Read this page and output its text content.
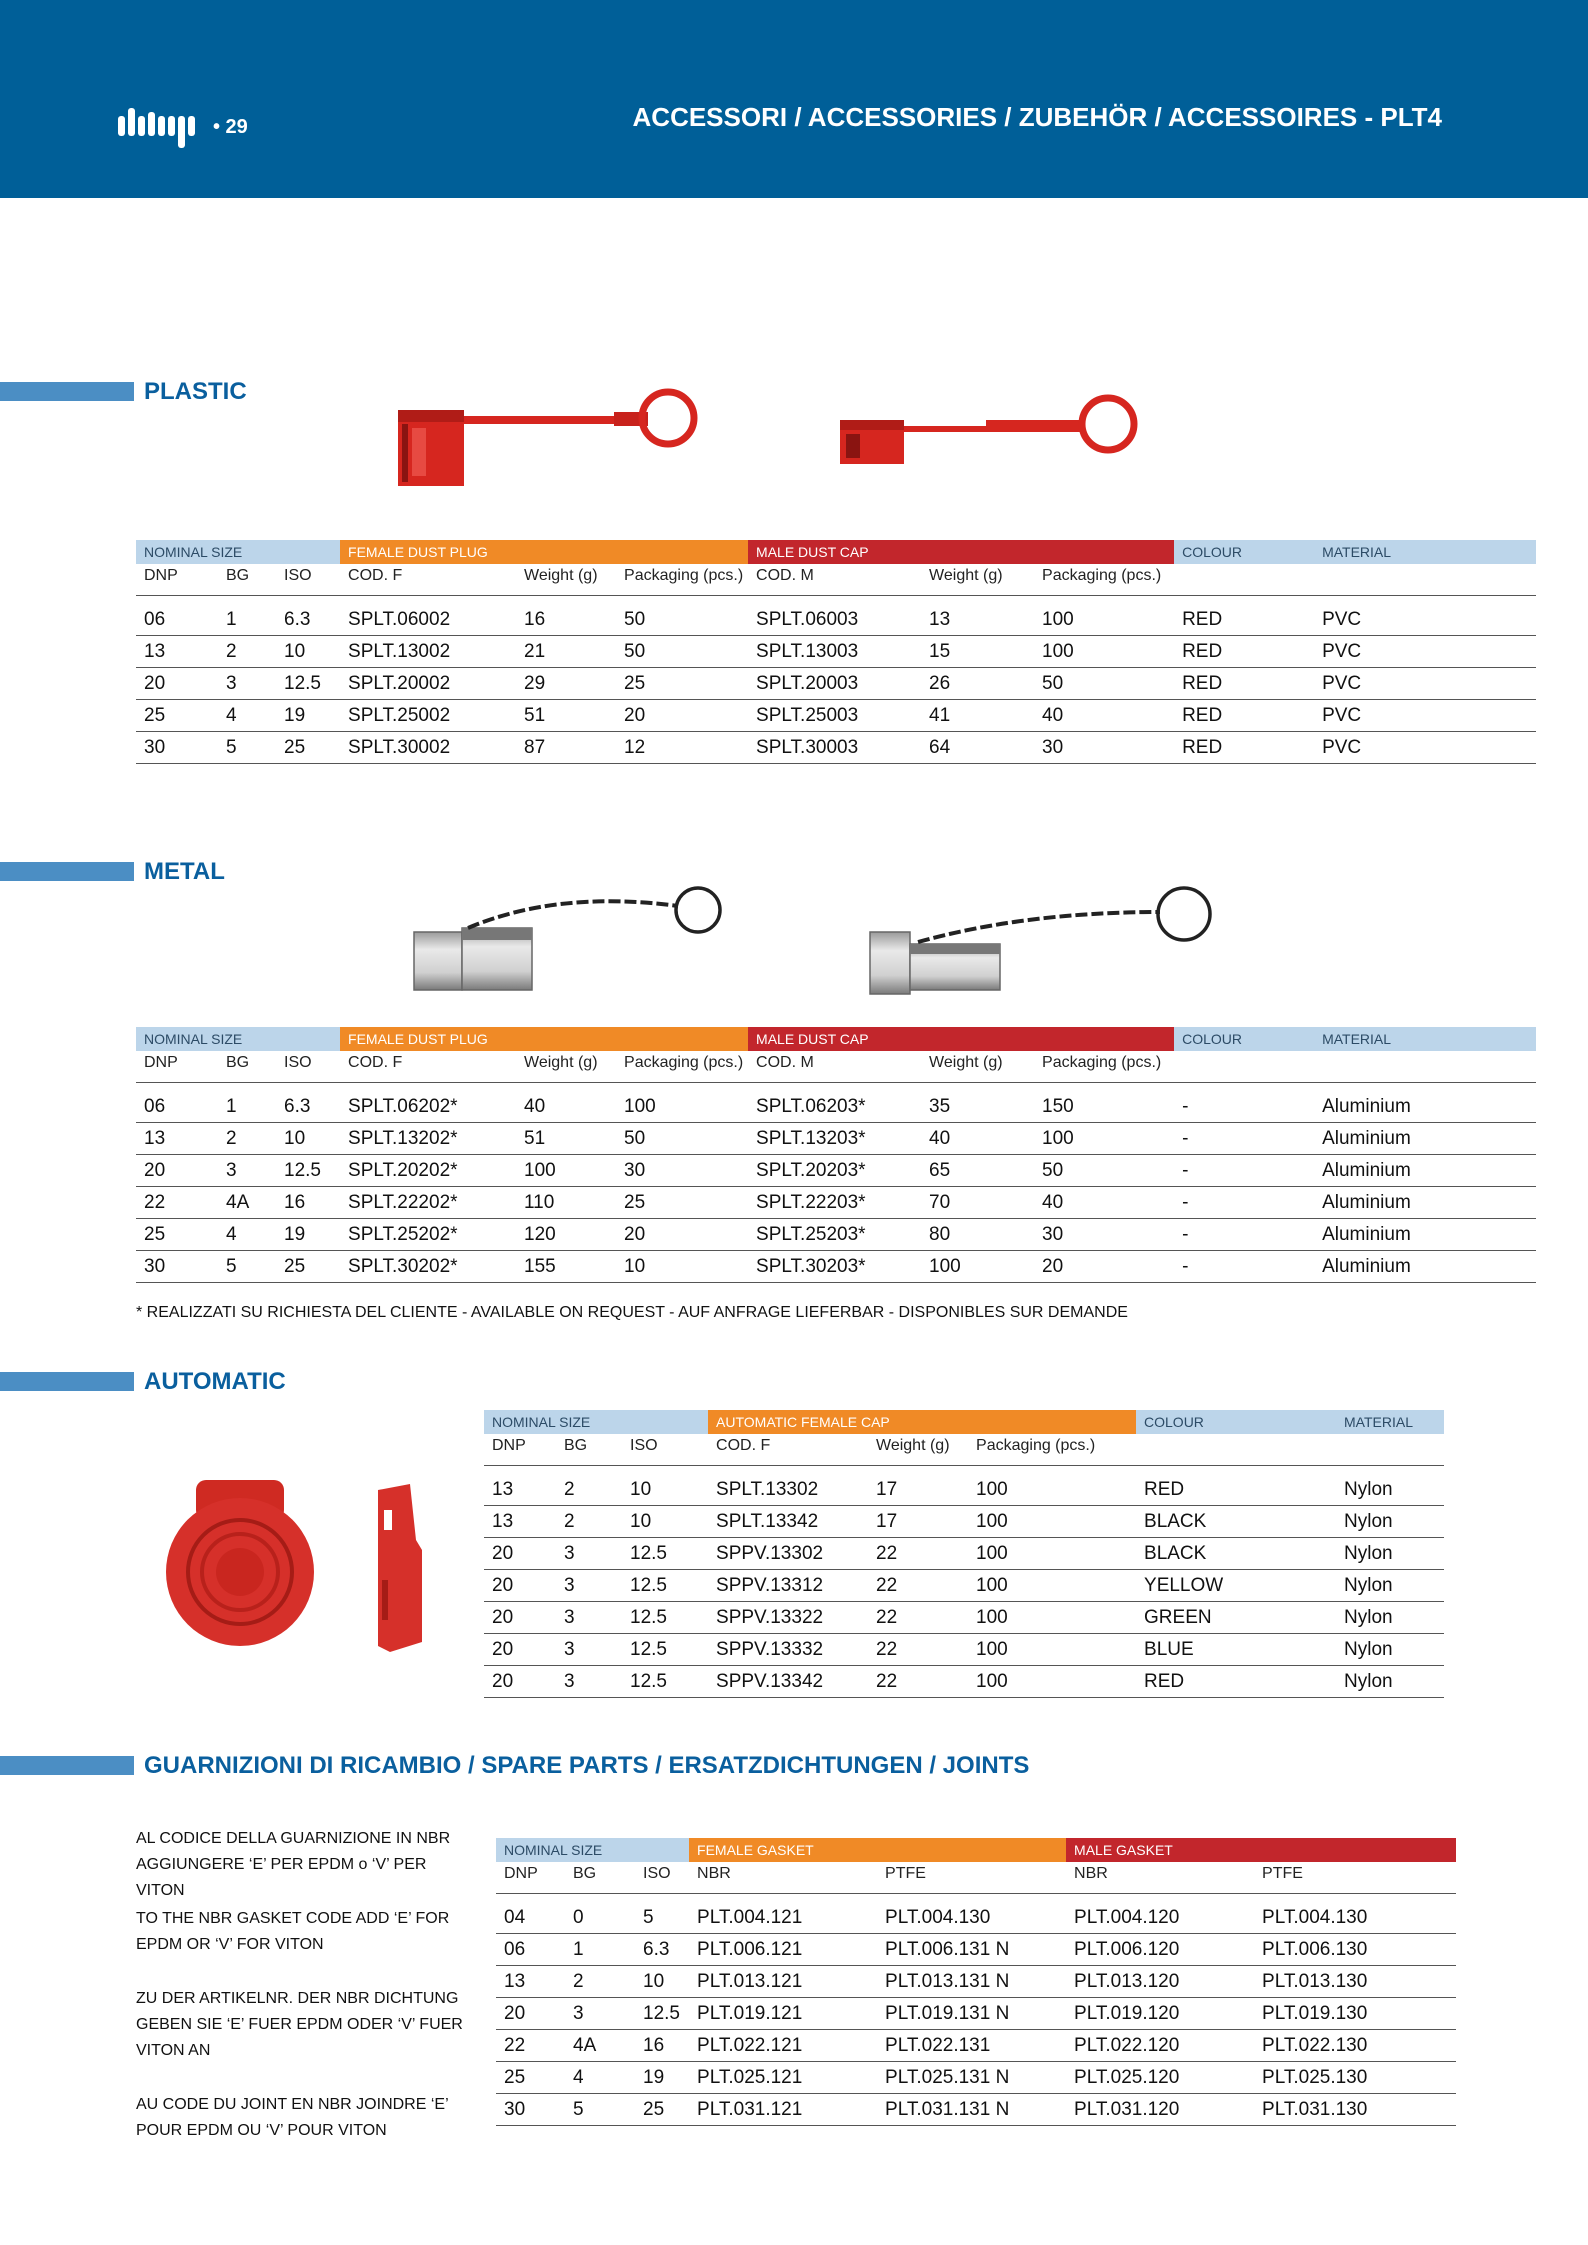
• 29	ACCESSORI / ACCESSORIES / ZUBEHÖR / ACCESSOIRES - PLT4
PLASTIC
NOMINAL SIZE			FEMALE DUST PLUG			MALE DUST CAP			COLOUR	MATERIAL
DNP	BG	ISO	COD. F	Weight (g)	Packaging (pcs.)	COD. M	Weight (g)	Packaging (pcs.)		

06	1	6.3	SPLT.06002	16	50	SPLT.06003	13	100	RED	PVC
13	2	10	SPLT.13002	21	50	SPLT.13003	15	100	RED	PVC
20	3	12.5	SPLT.20002	29	25	SPLT.20003	26	50	RED	PVC
25	4	19	SPLT.25002	51	20	SPLT.25003	41	40	RED	PVC
30	5	25	SPLT.30002	87	12	SPLT.30003	64	30	RED	PVC
METAL
NOMINAL SIZE			FEMALE DUST PLUG			MALE DUST CAP			COLOUR	MATERIAL
DNP	BG	ISO	COD. F	Weight (g)	Packaging (pcs.)	COD. M	Weight (g)	Packaging (pcs.)		

06	1	6.3	SPLT.06202*	40	100	SPLT.06203*	35	150	-	Aluminium
13	2	10	SPLT.13202*	51	50	SPLT.13203*	40	100	-	Aluminium
20	3	12.5	SPLT.20202*	100	30	SPLT.20203*	65	50	-	Aluminium
22	4A	16	SPLT.22202*	110	25	SPLT.22203*	70	40	-	Aluminium
25	4	19	SPLT.25202*	120	20	SPLT.25203*	80	30	-	Aluminium
30	5	25	SPLT.30202*	155	10	SPLT.30203*	100	20	-	Aluminium
* REALIZZATI SU RICHIESTA DEL CLIENTE - AVAILABLE ON REQUEST - AUF ANFRAGE LIEFERBAR - DISPONIBLES SUR DEMANDE
AUTOMATIC
NOMINAL SIZE			AUTOMATIC FEMALE CAP			COLOUR	MATERIAL
DNP	BG	ISO	COD. F	Weight (g)	Packaging (pcs.)		

13	2	10	SPLT.13302	17	100	RED	Nylon
13	2	10	SPLT.13342	17	100	BLACK	Nylon
20	3	12.5	SPPV.13302	22	100	BLACK	Nylon
20	3	12.5	SPPV.13312	22	100	YELLOW	Nylon
20	3	12.5	SPPV.13322	22	100	GREEN	Nylon
20	3	12.5	SPPV.13332	22	100	BLUE	Nylon
20	3	12.5	SPPV.13342	22	100	RED	Nylon
GUARNIZIONI DI RICAMBIO / SPARE PARTS / ERSATZDICHTUNGEN / JOINTS
AL CODICE DELLA GUARNIZIONE IN NBR AGGIUNGERE ‘E’ PER EPDM o ‘V’ PER VITON
TO THE NBR GASKET CODE ADD ‘E’ FOR EPDM OR ‘V’ FOR VITON
ZU DER ARTIKELNR. DER NBR DICHTUNG GEBEN SIE ‘E’ FUER EPDM ODER ‘V’ FUER VITON AN
AU CODE DU JOINT EN NBR JOINDRE ‘E’ POUR EPDM OU ‘V’ POUR VITON
NOMINAL SIZE			FEMALE GASKET		MALE GASKET	
DNP	BG	ISO	NBR	PTFE	NBR	PTFE

04	0	5	PLT.004.121	PLT.004.130	PLT.004.120	PLT.004.130
06	1	6.3	PLT.006.121	PLT.006.131 N	PLT.006.120	PLT.006.130
13	2	10	PLT.013.121	PLT.013.131 N	PLT.013.120	PLT.013.130
20	3	12.5	PLT.019.121	PLT.019.131 N	PLT.019.120	PLT.019.130
22	4A	16	PLT.022.121	PLT.022.131	PLT.022.120	PLT.022.130
25	4	19	PLT.025.121	PLT.025.131 N	PLT.025.120	PLT.025.130
30	5	25	PLT.031.121	PLT.031.131 N	PLT.031.120	PLT.031.130
